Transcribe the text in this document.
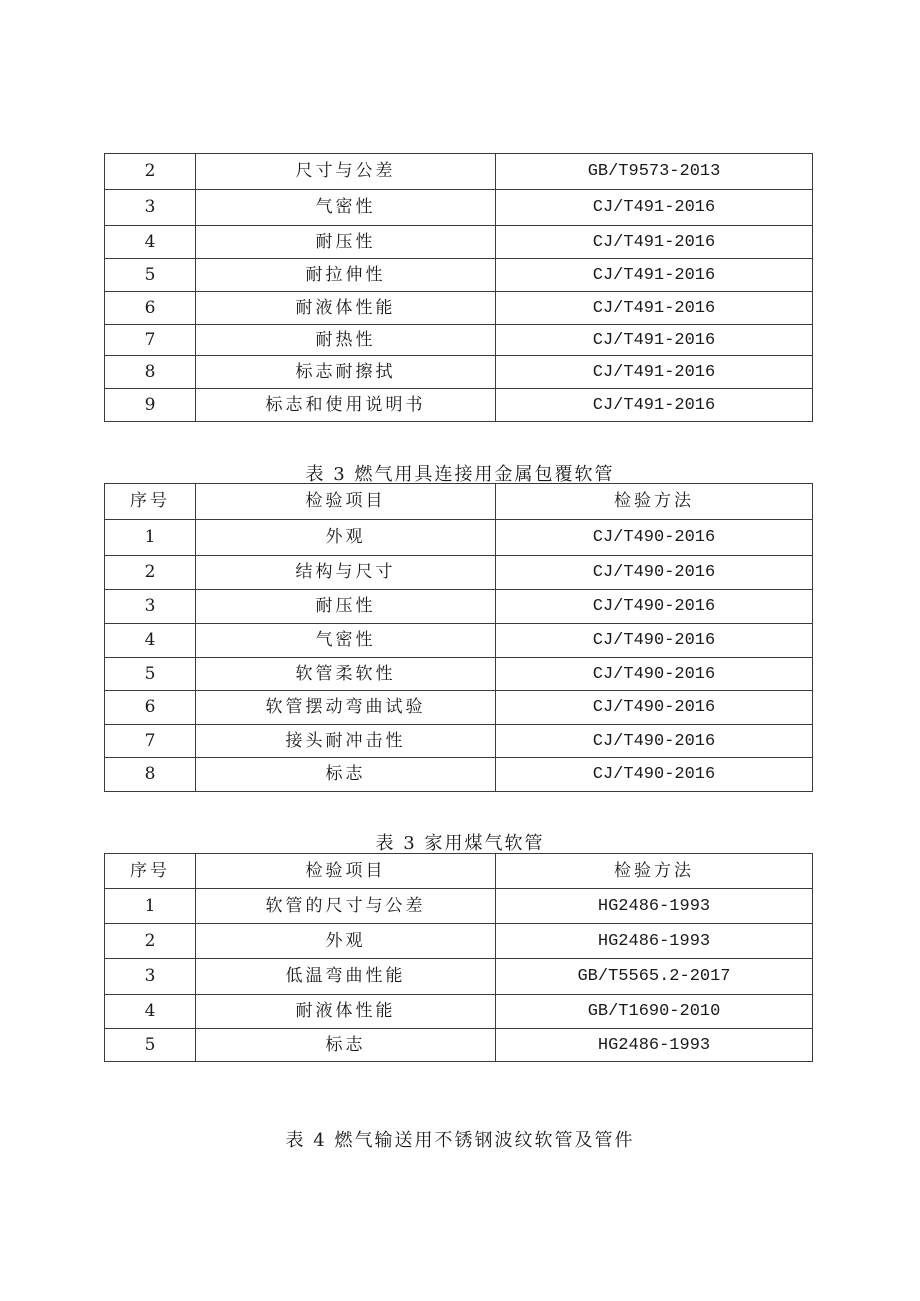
2	尺寸与公差	GB/T9573-2013
3	气密性	CJ/T491-2016
4	耐压性	CJ/T491-2016
5	耐拉伸性	CJ/T491-2016
6	耐液体性能	CJ/T491-2016
7	耐热性	CJ/T491-2016
8	标志耐擦拭	CJ/T491-2016
9	标志和使用说明书	CJ/T491-2016
表 3 燃气用具连接用金属包覆软管
序号	检验项目	检验方法
1	外观	CJ/T490-2016
2	结构与尺寸	CJ/T490-2016
3	耐压性	CJ/T490-2016
4	气密性	CJ/T490-2016
5	软管柔软性	CJ/T490-2016
6	软管摆动弯曲试验	CJ/T490-2016
7	接头耐冲击性	CJ/T490-2016
8	标志	CJ/T490-2016
表 3 家用煤气软管
序号	检验项目	检验方法
1	软管的尺寸与公差	HG2486-1993
2	外观	HG2486-1993
3	低温弯曲性能	GB/T5565.2-2017
4	耐液体性能	GB/T1690-2010
5	标志	HG2486-1993
表 4 燃气输送用不锈钢波纹软管及管件
